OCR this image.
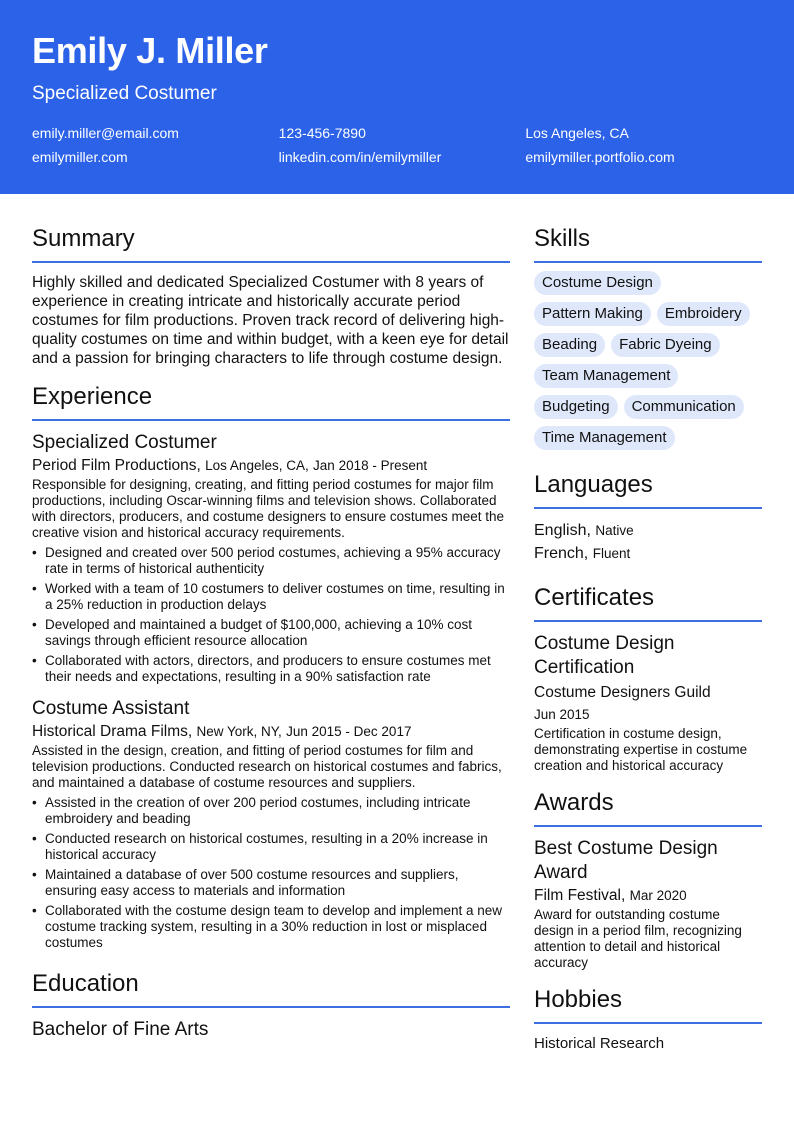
Emily J. Miller
Specialized Costumer
emily.miller@email.com	123-456-7890	Los Angeles, CA
emilymiller.com	linkedin.com/in/emilymiller	emilymiller.portfolio.com
Summary

Highly skilled and dedicated Specialized Costumer with 8 years of experience in creating intricate and historically accurate period costumes for film productions. Proven track record of delivering high-quality costumes on time and within budget, with a keen eye for detail and a passion for bringing characters to life through costume design.

Experience

Specialized Costumer

Period Film Productions, Los Angeles, CA, Jan 2018 - Present

Responsible for designing, creating, and fitting period costumes for major film productions, including Oscar-winning films and television shows. Collaborated with directors, producers, and costume designers to ensure costumes meet the creative vision and historical accuracy requirements.

• Designed and created over 500 period costumes, achieving a 95% accuracy rate in terms of historical authenticity
• Worked with a team of 10 costumers to deliver costumes on time, resulting in a 25% reduction in production delays
• Developed and maintained a budget of $100,000, achieving a 10% cost savings through efficient resource allocation
• Collaborated with actors, directors, and producers to ensure costumes met their needs and expectations, resulting in a 90% satisfaction rate

Costume Assistant

Historical Drama Films, New York, NY, Jun 2015 - Dec 2017

Assisted in the design, creation, and fitting of period costumes for film and television productions. Conducted research on historical costumes and fabrics, and maintained a database of costume resources and suppliers.

• Assisted in the creation of over 200 period costumes, including intricate embroidery and beading
• Conducted research on historical costumes, resulting in a 20% increase in historical accuracy
• Maintained a database of over 500 costume resources and suppliers, ensuring easy access to materials and information
• Collaborated with the costume design team to develop and implement a new costume tracking system, resulting in a 30% reduction in lost or misplaced costumes
Education

Bachelor of Fine Arts

Skills
Costume Design
Pattern Making	Embroidery
Beading	Fabric Dyeing
Team Management
Budgeting	Communication
Time Management
Languages

English, Native

French, Fluent

Certificates

Costume Design Certification

Costume Designers Guild

Jun 2015

Certification in costume design, demonstrating expertise in costume creation and historical accuracy

Awards

Best Costume Design Award

Film Festival, Mar 2020

Award for outstanding costume design in a period film, recognizing attention to detail and historical accuracy

Hobbies

Historical Research
